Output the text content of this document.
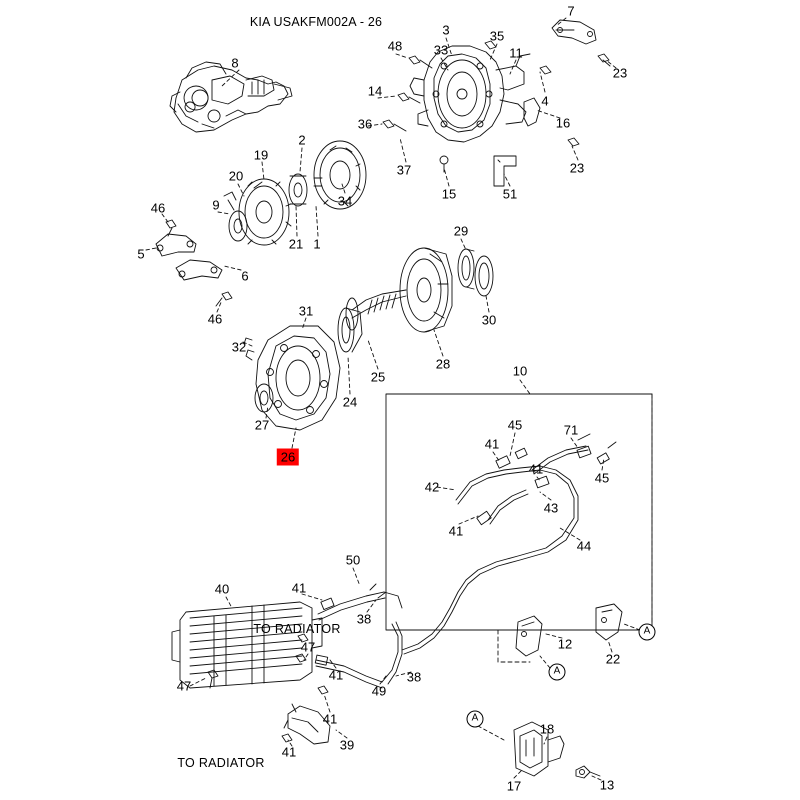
KIA USAKFM002A - 26
TO RADIATOR
TO RADIATOR
A
A
A
8
3	35
7
48 33	11
23
14
4
36	16
2
19
37
15	51
23
20
9
46	34
21 1
5
6
46
29
30
31
32
25
28
24
27
26
10
45
41
71
41
45
42
43
41
44
50
41
40
38
12
22
47
41	38
49
47
41
18
39
41
17	13
